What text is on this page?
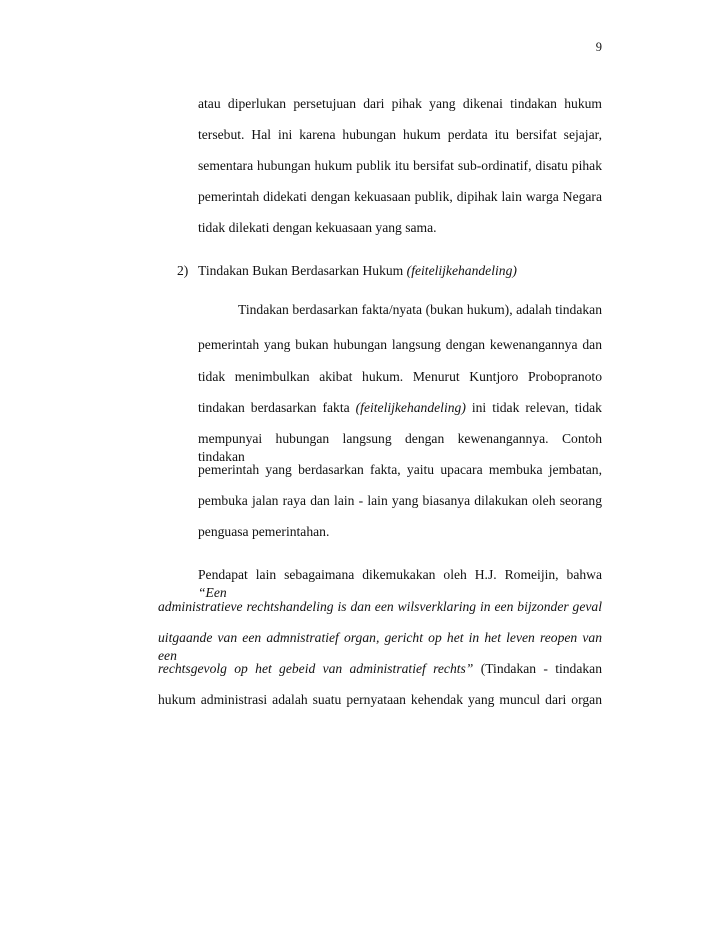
9
atau diperlukan persetujuan dari pihak yang dikenai tindakan hukum
tersebut. Hal ini karena hubungan hukum perdata itu bersifat sejajar,
sementara hubungan hukum publik itu bersifat sub-ordinatif, disatu pihak
pemerintah didekati dengan kekuasaan publik, dipihak lain warga Negara
tidak dilekati dengan kekuasaan yang sama.
2) Tindakan Bukan Berdasarkan Hukum (feitelijkehandeling)
Tindakan berdasarkan fakta/nyata (bukan hukum), adalah tindakan
pemerintah yang bukan hubungan langsung dengan kewenangannya dan
tidak menimbulkan akibat hukum. Menurut Kuntjoro Probopranoto
tindakan berdasarkan fakta (feitelijkehandeling) ini tidak relevan, tidak
mempunyai hubungan langsung dengan kewenangannya. Contoh tindakan
pemerintah yang berdasarkan fakta, yaitu upacara membuka jembatan,
pembuka jalan raya dan lain - lain yang biasanya dilakukan oleh seorang
penguasa pemerintahan.
Pendapat lain sebagaimana dikemukakan oleh H.J. Romeijin, bahwa “Een
administratieve rechtshandeling is dan een wilsverklaring in een bijzonder geval
uitgaande van een admnistratief organ, gericht op het in het leven reopen van een
rechtsgevolg op het gebeid van administratief rechts” (Tindakan - tindakan
hukum administrasi adalah suatu pernyataan kehendak yang muncul dari organ
